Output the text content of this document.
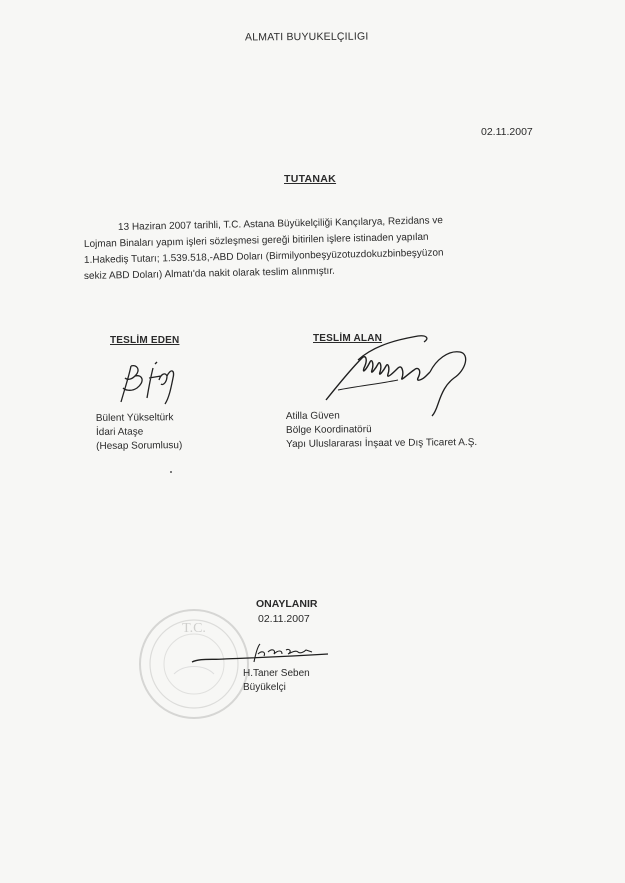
ALMATI BUYUKELÇILIGI
02.11.2007
TUTANAK
13 Haziran 2007 tarihli, T.C. Astana Büyükelçiliği Kançılarya, Rezidans ve
Lojman Binaları yapım işleri sözleşmesi gereği bitirilen işlere istinaden yapılan
1.Hakediş Tutarı; 1.539.518,-ABD Doları (Birmilyonbeşyüzotuzdokuzbinbeşyüzon
sekiz ABD Doları) Almatı'da nakit olarak teslim alınmıştır.
TESLİM EDEN	TESLİM ALAN
Bülent Yükseltürk
İdari Ataşe
(Hesap Sorumlusu)
Atilla Güven
Bölge Koordinatörü
Yapı Uluslararası İnşaat ve Dış Ticaret A.Ş.
ONAYLANIR
02.11.2007
T.C.
H.Taner Seben
Büyükelçi
